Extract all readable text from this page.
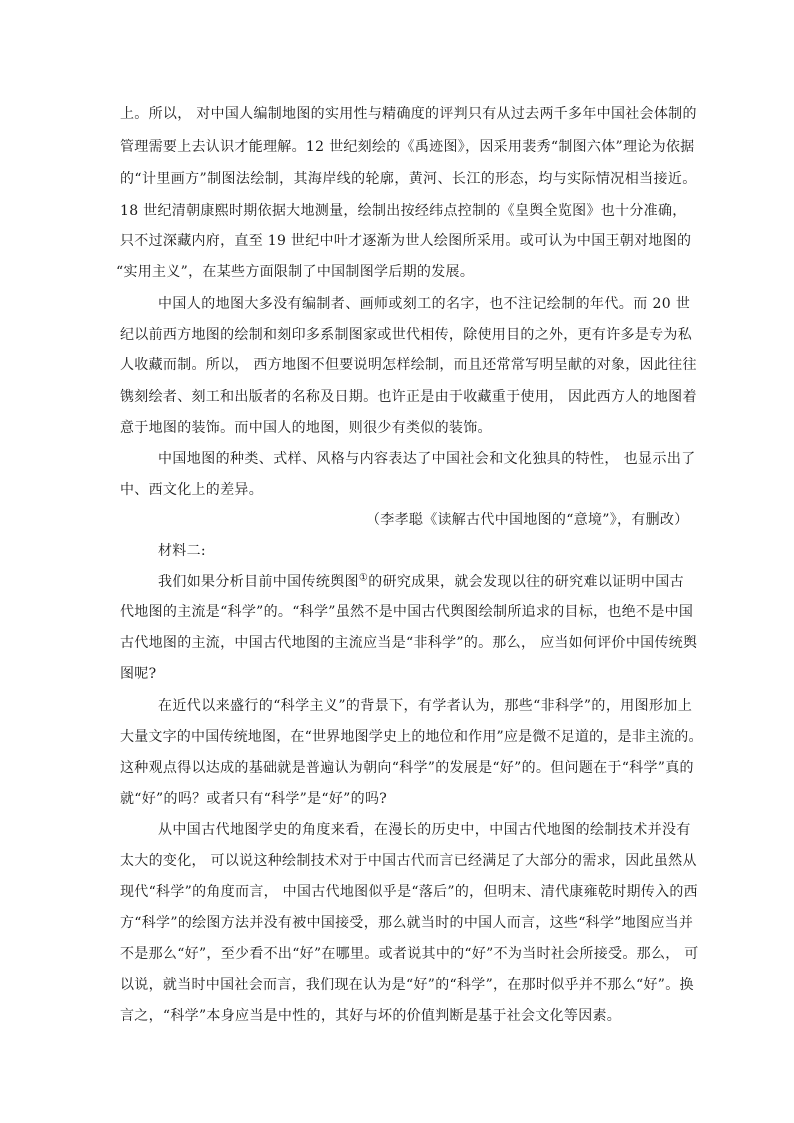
上。所以， 对中国人编制地图的实用性与精确度的评判只有从过去两千多年中国社会体制的
管理需要上去认识才能理解。12 世纪刻绘的《禹迹图》，因采用裴秀“制图六体”理论为依据
的“计里画方”制图法绘制，其海岸线的轮廓，黄河、长江的形态，均与实际情况相当接近。
18 世纪清朝康熙时期依据大地测量，绘制出按经纬点控制的《皇舆全览图》也十分准确，
只不过深藏内府，直至 19 世纪中叶才逐渐为世人绘图所采用。或可认为中国王朝对地图的
“实用主义”，在某些方面限制了中国制图学后期的发展。
中国人的地图大多没有编制者、画师或刻工的名字，也不注记绘制的年代。而 20 世
纪以前西方地图的绘制和刻印多系制图家或世代相传，除使用目的之外，更有许多是专为私
人收藏而制。所以， 西方地图不但要说明怎样绘制，而且还常常写明呈献的对象，因此往往
镌刻绘者、刻工和出版者的名称及日期。也许正是由于收藏重于使用， 因此西方人的地图着
意于地图的装饰。而中国人的地图，则很少有类似的装饰。
中国地图的种类、式样、风格与内容表达了中国社会和文化独具的特性， 也显示出了
中、西文化上的差异。
（李孝聪《读解古代中国地图的“意境”》，有删改）
材料二:
我们如果分析目前中国传统舆图①的研究成果，就会发现以往的研究难以证明中国古
代地图的主流是“科学”的。“科学”虽然不是中国古代舆图绘制所追求的目标，也绝不是中国
古代地图的主流，中国古代地图的主流应当是“非科学”的。那么， 应当如何评价中国传统舆
图呢?
在近代以来盛行的“科学主义”的背景下，有学者认为，那些“非科学”的，用图形加上
大量文字的中国传统地图，在“世界地图学史上的地位和作用”应是微不足道的，是非主流的。
这种观点得以达成的基础就是普遍认为朝向“科学”的发展是“好”的。但问题在于“科学”真的
就“好”的吗？或者只有“科学”是“好”的吗?
从中国古代地图学史的角度来看，在漫长的历史中，中国古代地图的绘制技术并没有
太大的变化， 可以说这种绘制技术对于中国古代而言已经满足了大部分的需求，因此虽然从
现代“科学”的角度而言， 中国古代地图似乎是“落后”的，但明末、清代康雍乾时期传入的西
方“科学”的绘图方法并没有被中国接受，那么就当时的中国人而言，这些“科学”地图应当并
不是那么“好”，至少看不出“好”在哪里。或者说其中的“好”不为当时社会所接受。那么， 可
以说，就当时中国社会而言，我们现在认为是“好”的“科学”，在那时似乎并不那么“好”。换
言之，“科学”本身应当是中性的，其好与坏的价值判断是基于社会文化等因素。
